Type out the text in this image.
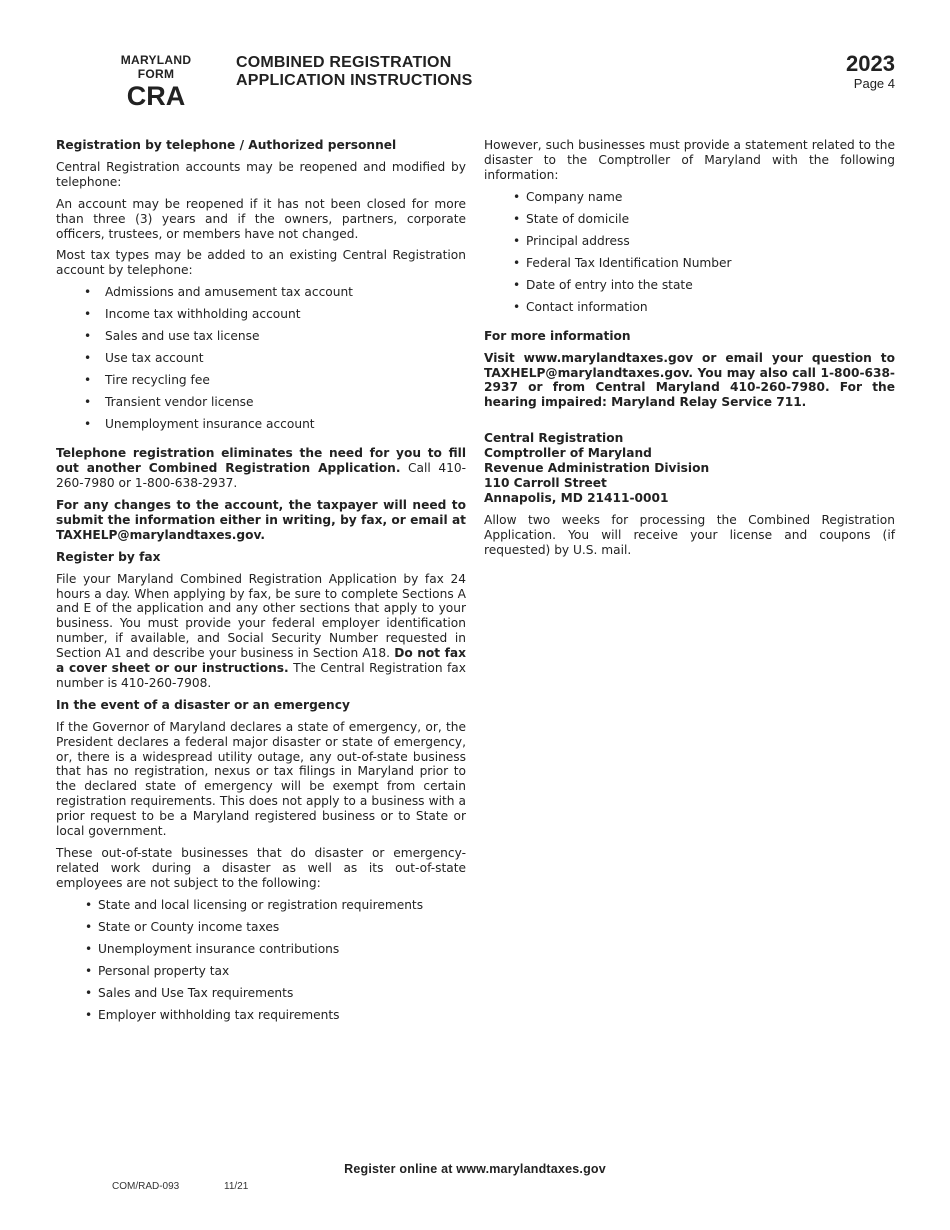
MARYLAND
FORM
CRA
COMBINED REGISTRATION
APPLICATION INSTRUCTIONS
2023
Page 4
Registration by telephone / Authorized personnel

Central Registration accounts may be reopened and modified by telephone:

An account may be reopened if it has not been closed for more than three (3) years and if the owners, partners, corporate officers, trustees, or members have not changed.

Most tax types may be added to an existing Central Registration account by telephone:

• Admissions and amusement tax account
• Income tax withholding account
• Sales and use tax license
• Use tax account
• Tire recycling fee
• Transient vendor license
• Unemployment insurance account

Telephone registration eliminates the need for you to fill out another Combined Registration Application. Call 410-260-7980 or 1-800-638-2937.

For any changes to the account, the taxpayer will need to submit the information either in writing, by fax, or email at TAXHELP@marylandtaxes.gov.

Register by fax

File your Maryland Combined Registration Application by fax 24 hours a day. When applying by fax, be sure to complete Sections A and E of the application and any other sections that apply to your business. You must provide your federal employer identification number, if available, and Social Security Number requested in Section A1 and describe your business in Section A18. Do not fax a cover sheet or our instructions. The Central Registration fax number is 410-260-7908.

In the event of a disaster or an emergency

If the Governor of Maryland declares a state of emergency, or, the President declares a federal major disaster or state of emergency, or, there is a widespread utility outage, any out-of-state business that has no registration, nexus or tax filings in Maryland prior to the declared state of emergency will be exempt from certain registration requirements. This does not apply to a business with a prior request to be a Maryland registered business or to State or local government.

These out-of-state businesses that do disaster or emergency-related work during a disaster as well as its out-of-state employees are not subject to the following:

• State and local licensing or registration requirements
• State or County income taxes
• Unemployment insurance contributions
• Personal property tax
• Sales and Use Tax requirements
• Employer withholding tax requirements

However, such businesses must provide a statement related to the disaster to the Comptroller of Maryland with the following information:

• Company name
• State of domicile
• Principal address
• Federal Tax Identification Number
• Date of entry into the state
• Contact information
For more information

Visit www.marylandtaxes.gov or email your question to TAXHELP@marylandtaxes.gov. You may also call 1-800-638-2937 or from Central Maryland 410-260-7980. For the hearing impaired: Maryland Relay Service 711.

Central Registration
Comptroller of Maryland
Revenue Administration Division
110 Carroll Street
Annapolis, MD 21411-0001

Allow two weeks for processing the Combined Registration Application. You will receive your license and coupons (if requested) by U.S. mail.

Register online at www.marylandtaxes.gov
COM/RAD-093	11/21
